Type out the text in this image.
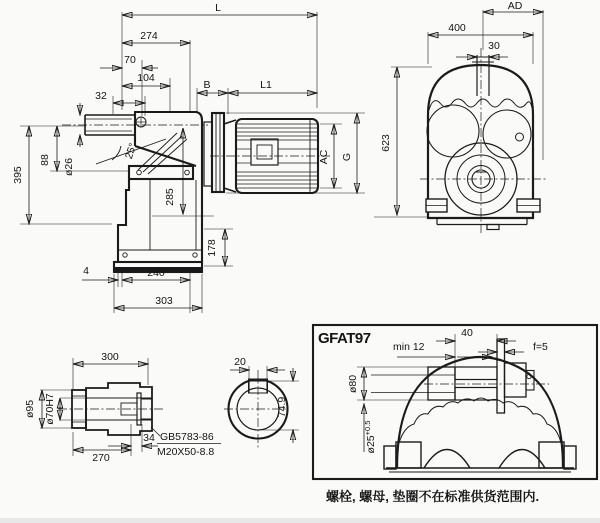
L
274
70
104
32
B	L1
25°
395
88 ø26
285
178
4	240
303
AC G
AD
400
30
623
300
ø95 ø70H7
270
34 GB5783-86
M20X50-8.8
20
74.9
GFAT97	40
min 12	f=5
ø80
$ø25^{+0.5}$
螺栓, 螺母, 垫圈不在标准供货范围内.
